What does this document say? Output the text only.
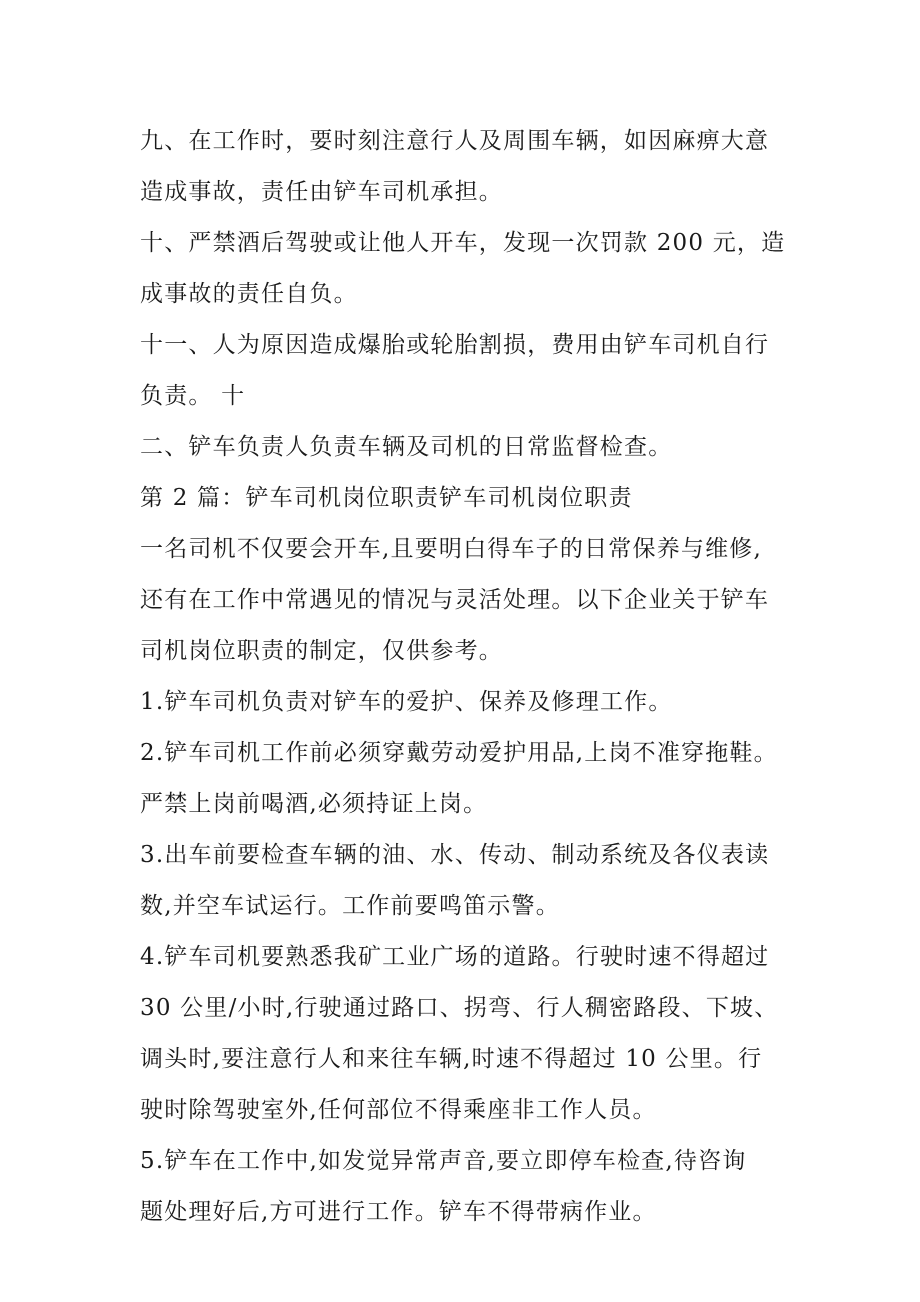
九、在工作时，要时刻注意行人及周围车辆，如因麻痹大意
造成事故，责任由铲车司机承担。
十、严禁酒后驾驶或让他人开车，发现一次罚款 200 元，造
成事故的责任自负。
十一、人为原因造成爆胎或轮胎割损，费用由铲车司机自行
负责。 十
二、铲车负责人负责车辆及司机的日常监督检查。
第 2 篇：铲车司机岗位职责铲车司机岗位职责
一名司机不仅要会开车,且要明白得车子的日常保养与维修,
还有在工作中常遇见的情况与灵活处理。以下企业关于铲车
司机岗位职责的制定，仅供参考。
1.铲车司机负责对铲车的爱护、保养及修理工作。
2.铲车司机工作前必须穿戴劳动爱护用品,上岗不准穿拖鞋。
严禁上岗前喝酒,必须持证上岗。
3.出车前要检查车辆的油、水、传动、制动系统及各仪表读
数,并空车试运行。工作前要鸣笛示警。
4.铲车司机要熟悉我矿工业广场的道路。行驶时速不得超过
30 公里/小时,行驶通过路口、拐弯、行人稠密路段、下坡、
调头时,要注意行人和来往车辆,时速不得超过 10 公里。行
驶时除驾驶室外,任何部位不得乘座非工作人员。
5.铲车在工作中,如发觉异常声音,要立即停车检查,待咨询
题处理好后,方可进行工作。铲车不得带病作业。
